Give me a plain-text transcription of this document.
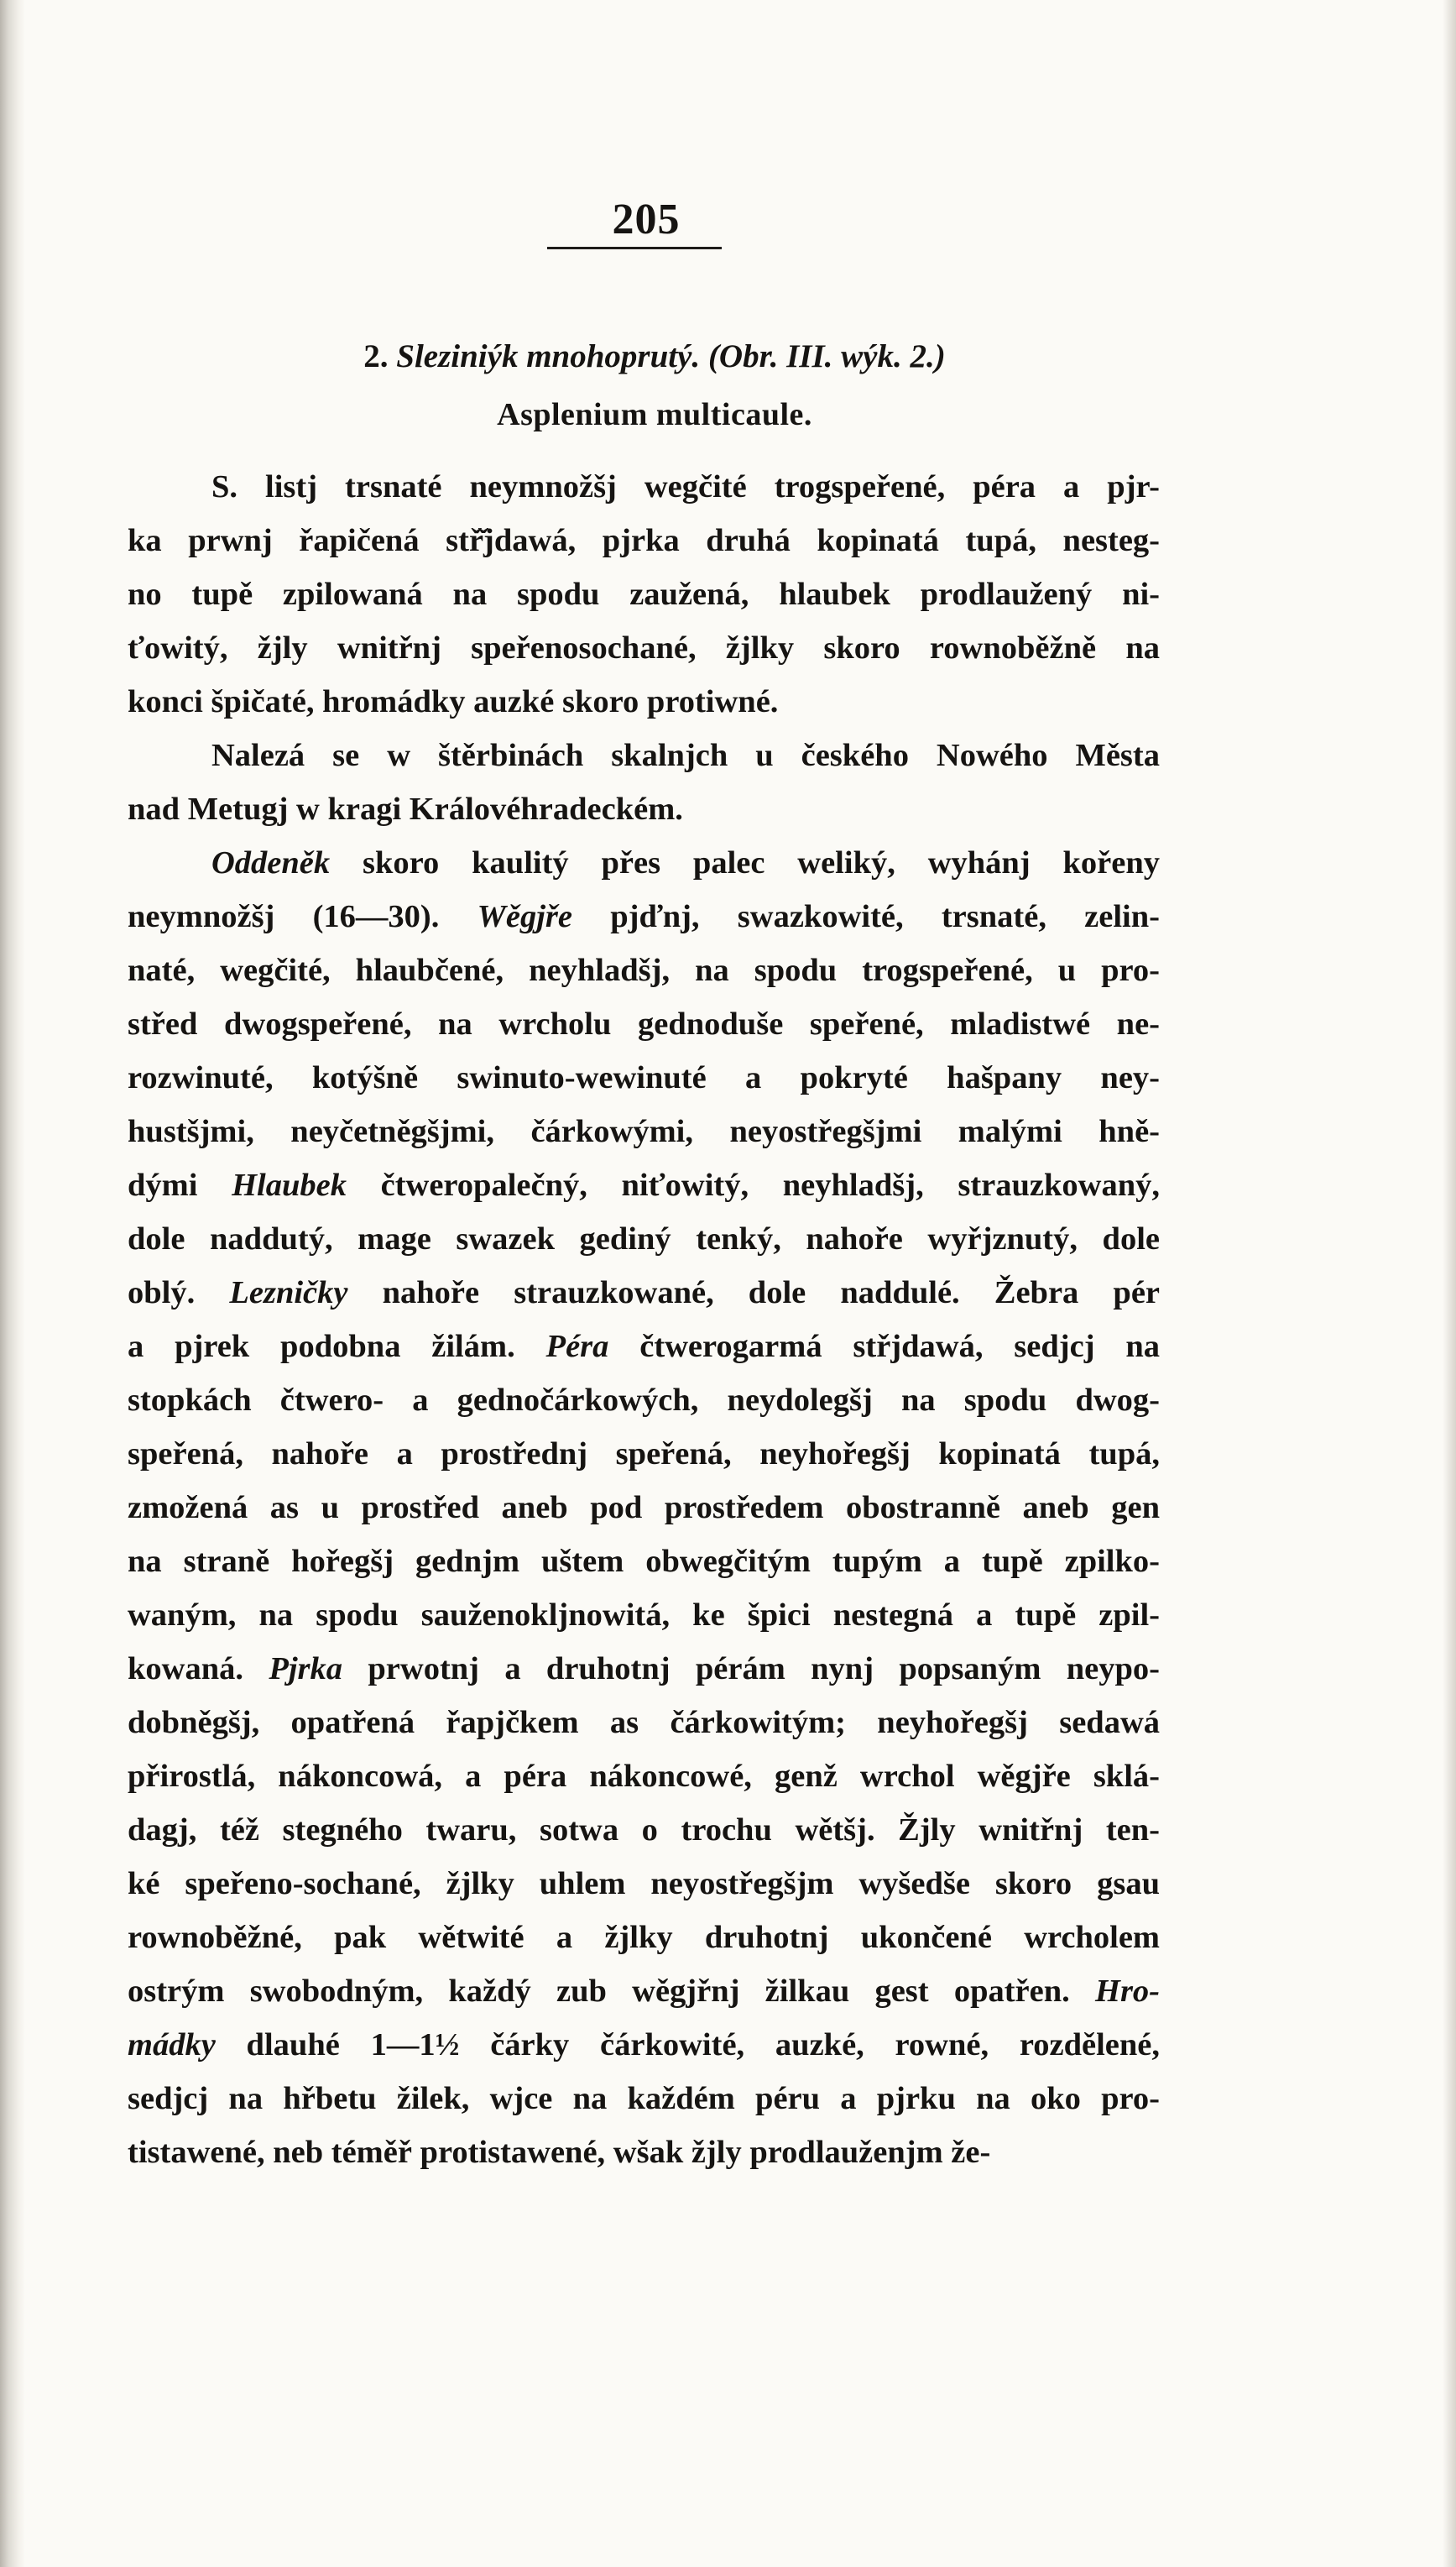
205
2. Sleziniýk mnohoprutý. (Obr. III. wýk. 2.)
Asplenium multicaule.
S. listj trsnaté neymnožšj wegčité trogspeřené, péra a pjr-
ka prwnj řapičená stř̌jdawá, pjrka druhá kopinatá tupá, nesteg-
no tupě zpilowaná na spodu zaužená, hlaubek prodlaužený ni-
ťowitý, žjly wnitřnj speřenosochané, žjlky skoro rownoběžně na
konci špičaté, hromádky auzké skoro protiwné.
Nalezá se w štěrbinách skalnjch u českého Nowého Města
nad Metugj w kragi Královéhradeckém.
Oddeněk skoro kaulitý přes palec weliký, wyhánj kořeny
neymnožšj (16—30). Wěgjře pjďnj, swazkowité, trsnaté, zelin-
naté, wegčité, hlaubčené, neyhladšj, na spodu trogspeřené, u pro-
střed dwogspeřené, na wrcholu gednoduše speřené, mladistwé ne-
rozwinuté, kotýšně swinuto-wewinuté a pokryté hašpany ney-
hustšjmi, neyčetněgšjmi, čárkowými, neyostřegšjmi malými hně-
dými Hlaubek čtweropalečný, niťowitý, neyhladšj, strauzkowaný,
dole naddutý, mage swazek gediný tenký, nahoře wyřjznutý, dole
oblý. Lezničky nahoře strauzkowané, dole naddulé. Žebra pér
a pjrek podobna žilám. Péra čtwerogarmá střjdawá, sedjcj na
stopkách čtwero- a gednočárkowých, neydolegšj na spodu dwog-
speřená, nahoře a prostřednj speřená, neyhořegšj kopinatá tupá,
zmožená as u prostřed aneb pod prostředem obostranně aneb gen
na straně hořegšj gednjm uštem obwegčitým tupým a tupě zpilko-
waným, na spodu saužеnoklјnowitá, ke špici nestegná a tupě zpil-
kowaná. Pjrka prwotnj a druhotnj pérám nynj popsaným neypo-
dobněgšj, opatřená řapjčkem as čárkowitým; neyhořegšj sedawá
přirostlá, nákoncowá, a péra nákoncowé, genž wrchol wěgjře sklá-
dagj, též stegného twaru, sotwa o trochu wětšj. Žjly wnitřnj ten-
ké speřeno-sochané, žjlky uhlem neyostřegšjm wyšedše skoro gsau
rownoběžné, pak wětwité a žjlky druhotnj ukončené wrcholem
ostrým swobodným, každý zub wěgjřnj žilkau gest opatřen. Hro-
mádky dlauhé 1—1½ čárky čárkowité, auzké, rowné, rozdělené,
sedjcj na hřbetu žilek, wjce na každém péru a pjrku na oko pro-
tistawené, neb téměř protistawené, wšak žjly prodlauženjm že-
